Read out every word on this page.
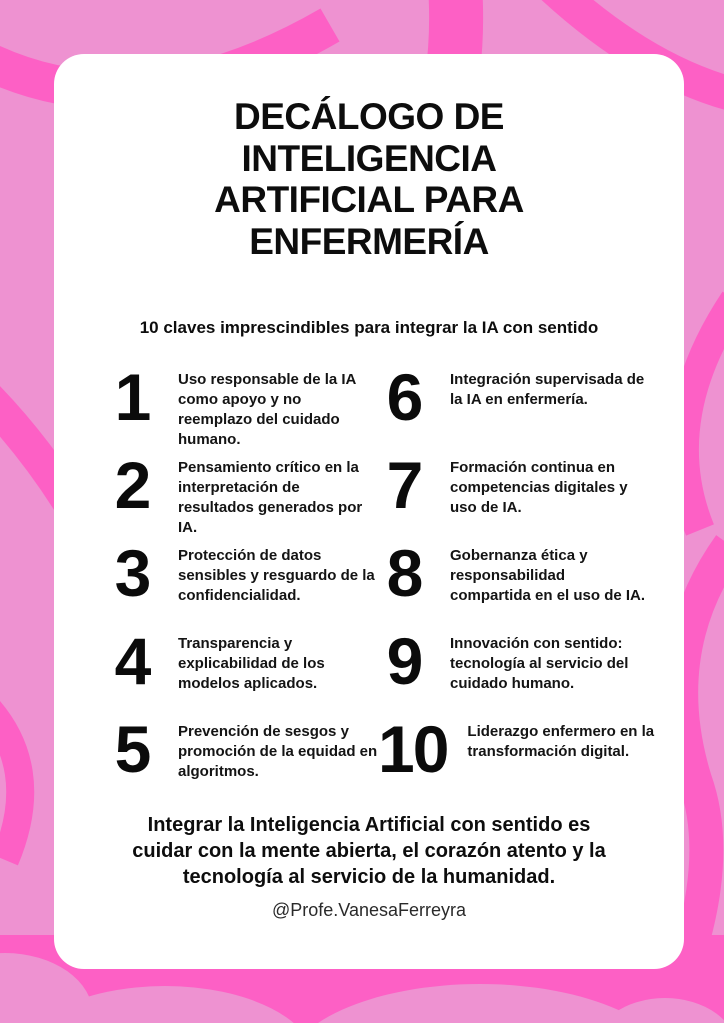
DECÁLOGO DE
INTELIGENCIA
ARTIFICIAL PARA
ENFERMERÍA
10 claves imprescindibles para integrar la IA con sentido
1	Uso responsable de la IA como apoyo y no reemplazo del cuidado humano.
2	Pensamiento crítico en la interpretación de resultados generados por IA.
3	Protección de datos sensibles y resguardo de la confidencialidad.
4	Transparencia y explicabilidad de los modelos aplicados.
5	Prevención de sesgos y promoción de la equidad en algoritmos.
6	Integración supervisada de la IA en enfermería.
7	Formación continua en competencias digitales y uso de IA.
8	Gobernanza ética y responsabilidad compartida en el uso de IA.
9	Innovación con sentido: tecnología al servicio del cuidado humano.
10 Liderazgo enfermero en la transformación digital.
Integrar la Inteligencia Artificial con sentido es cuidar con la mente abierta, el corazón atento y la tecnología al servicio de la humanidad.
@Profe.VanesaFerreyra
